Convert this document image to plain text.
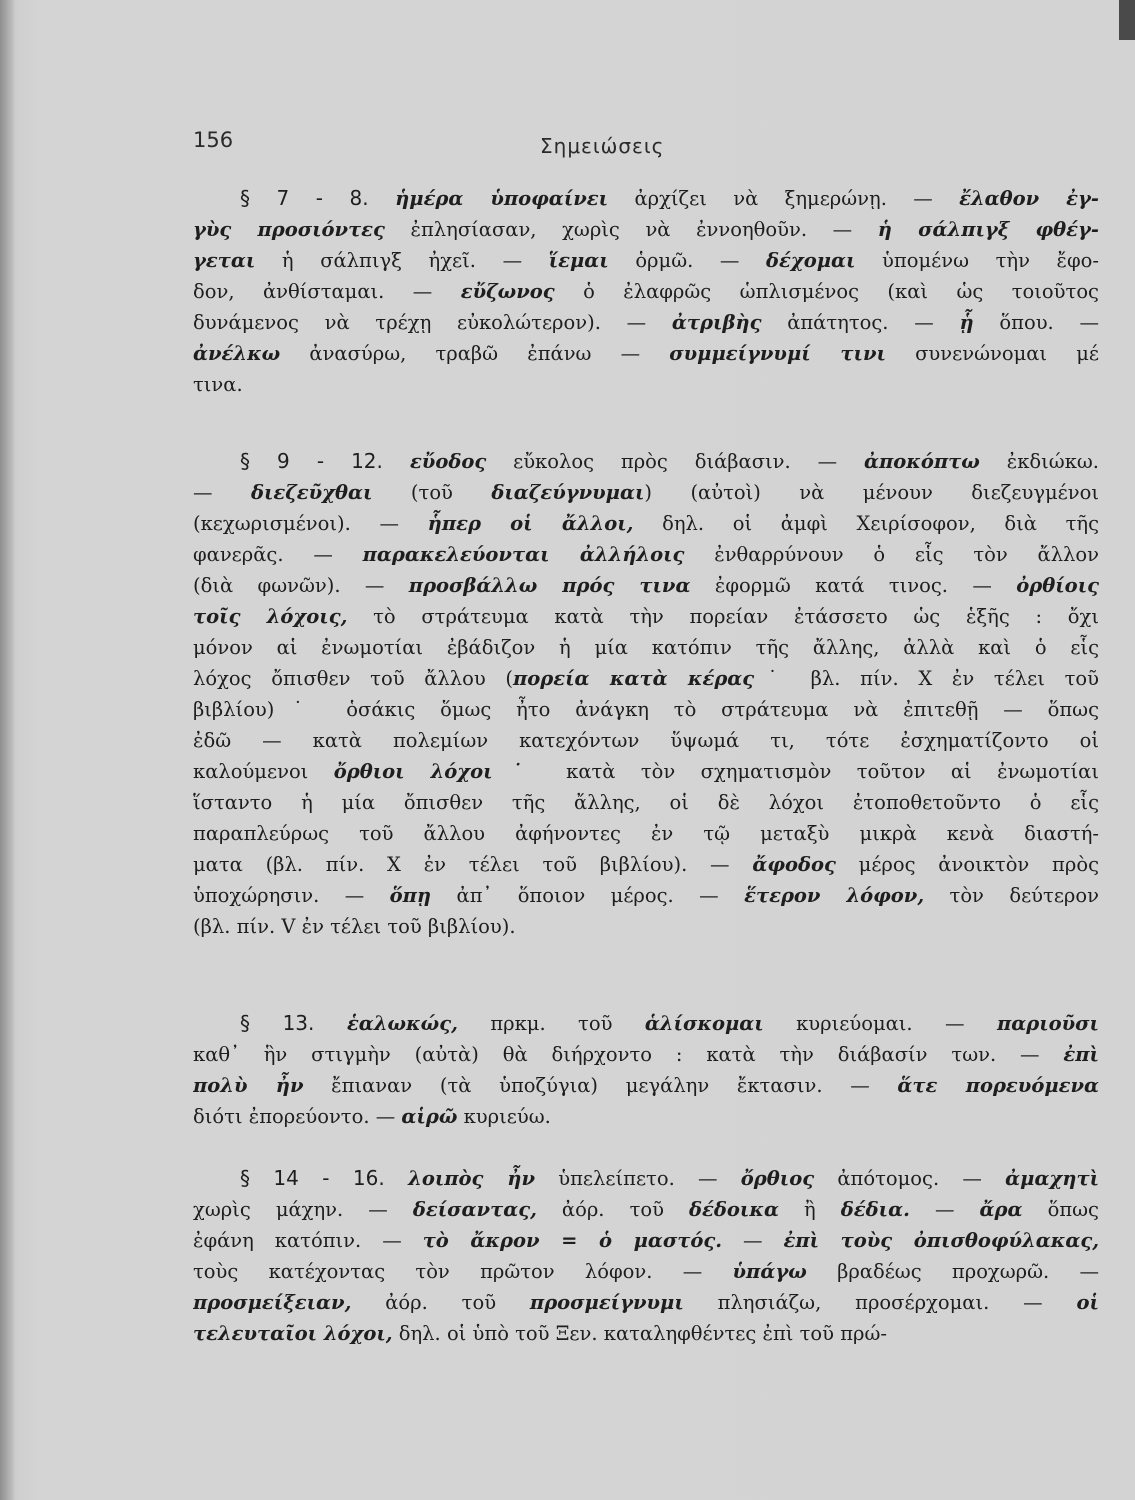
156	Σημειώσεις
§ 7 - 8. ἡμέρα ὑποφαίνει ἀρχίζει νὰ ξημερώνῃ. — ἔλαθον ἐγ-
γὺς προσιόντες ἐπλησίασαν, χωρὶς νὰ ἐννοηθοῦν. — ἡ σάλπιγξ φθέγ-
γεται ἡ σάλπιγξ ἠχεῖ. — ἵεμαι ὁρμῶ. — δέχομαι ὑπομένω τὴν ἔφο-
δον, ἀνθίσταμαι. — εὔζωνος ὁ ἐλαφρῶς ὡπλισμένος (καὶ ὡς τοιοῦτος
δυνάμενος νὰ τρέχῃ εὐκολώτερον). — ἀτριβὴς ἀπάτητος. — ᾗ ὅπου. —
ἀνέλκω ἀνασύρω, τραβῶ ἐπάνω — συμμείγνυμί τινι συνενώνομαι μέ
τινα.
§ 9 - 12. εὔοδος εὔκολος πρὸς διάβασιν. — ἀποκόπτω ἐκδιώκω.
— διεζεῦχθαι (τοῦ διαζεύγνυμαι) (αὐτοὶ) νὰ μένουν διεζευγμένοι
(κεχωρισμένοι). — ἧπερ οἱ ἄλλοι, δηλ. οἱ ἀμφὶ Χειρίσοφον, διὰ τῆς
φανερᾶς. — παρακελεύονται ἀλλήλοις ἐνθαρρύνουν ὁ εἷς τὸν ἄλλον
(διὰ φωνῶν). — προσβάλλω πρός τινα ἐφορμῶ κατά τινος. — ὀρθίοις
τοῖς λόχοις, τὸ στράτευμα κατὰ τὴν πορείαν ἐτάσσετο ὡς ἑξῆς : ὄχι
μόνον αἱ ἐνωμοτίαι ἐβάδιζον ἡ μία κατόπιν τῆς ἄλλης, ἀλλὰ καὶ ὁ εἷς
λόχος ὄπισθεν τοῦ ἄλλου (πορεία κατὰ κέρας˙ βλ. πίν. X ἐν τέλει τοῦ
βιβλίου)˙ ὁσάκις ὅμως ἦτο ἀνάγκη τὸ στράτευμα νὰ ἐπιτεθῇ — ὅπως
ἐδῶ — κατὰ πολεμίων κατεχόντων ὕψωμά τι, τότε ἐσχηματίζοντο οἱ
καλούμενοι ὄρθιοι λόχοι˙ κατὰ τὸν σχηματισμὸν τοῦτον αἱ ἐνωμοτίαι
ἵσταντο ἡ μία ὄπισθεν τῆς ἄλλης, οἱ δὲ λόχοι ἐτοποθετοῦντο ὁ εἷς
παραπλεύρως τοῦ ἄλλου ἀφήνοντες ἐν τῷ μεταξὺ μικρὰ κενὰ διαστή-
ματα (βλ. πίν. X ἐν τέλει τοῦ βιβλίου). — ἄφοδος μέρος ἀνοικτὸν πρὸς
ὑποχώρησιν. — ὅπῃ ἀπ᾽ ὅποιον μέρος. — ἕτερον λόφον, τὸν δεύτερον
(βλ. πίν. V ἐν τέλει τοῦ βιβλίου).
§ 13. ἑαλωκώς, πρκμ. τοῦ ἁλίσκομαι κυριεύομαι. — παριοῦσι
καθ᾽ ἣν στιγμὴν (αὐτὰ) θὰ διήρχοντο : κατὰ τὴν διάβασίν των. — ἐπὶ
πολὺ ἦν ἔπιαναν (τὰ ὑποζύγια) μεγάλην ἔκτασιν. — ἅτε πορευόμενα
διότι ἐπορεύοντο. — αἱρῶ κυριεύω.
§ 14 - 16. λοιπὸς ἦν ὑπελείπετο. — ὄρθιος ἀπότομος. — ἀμαχητὶ
χωρὶς μάχην. — δείσαντας, ἀόρ. τοῦ δέδοικα ἢ δέδια. — ἄρα ὅπως
ἐφάνη κατόπιν. — τὸ ἄκρον = ὁ μαστός. — ἐπὶ τοὺς ὀπισθοφύλακας,
τοὺς κατέχοντας τὸν πρῶτον λόφον. — ὑπάγω βραδέως προχωρῶ. —
προσμείξειαν, ἀόρ. τοῦ προσμείγνυμι πλησιάζω, προσέρχομαι. — οἱ
τελευταῖοι λόχοι, δηλ. οἱ ὑπὸ τοῦ Ξεν. καταληφθέντες ἐπὶ τοῦ πρώ-
